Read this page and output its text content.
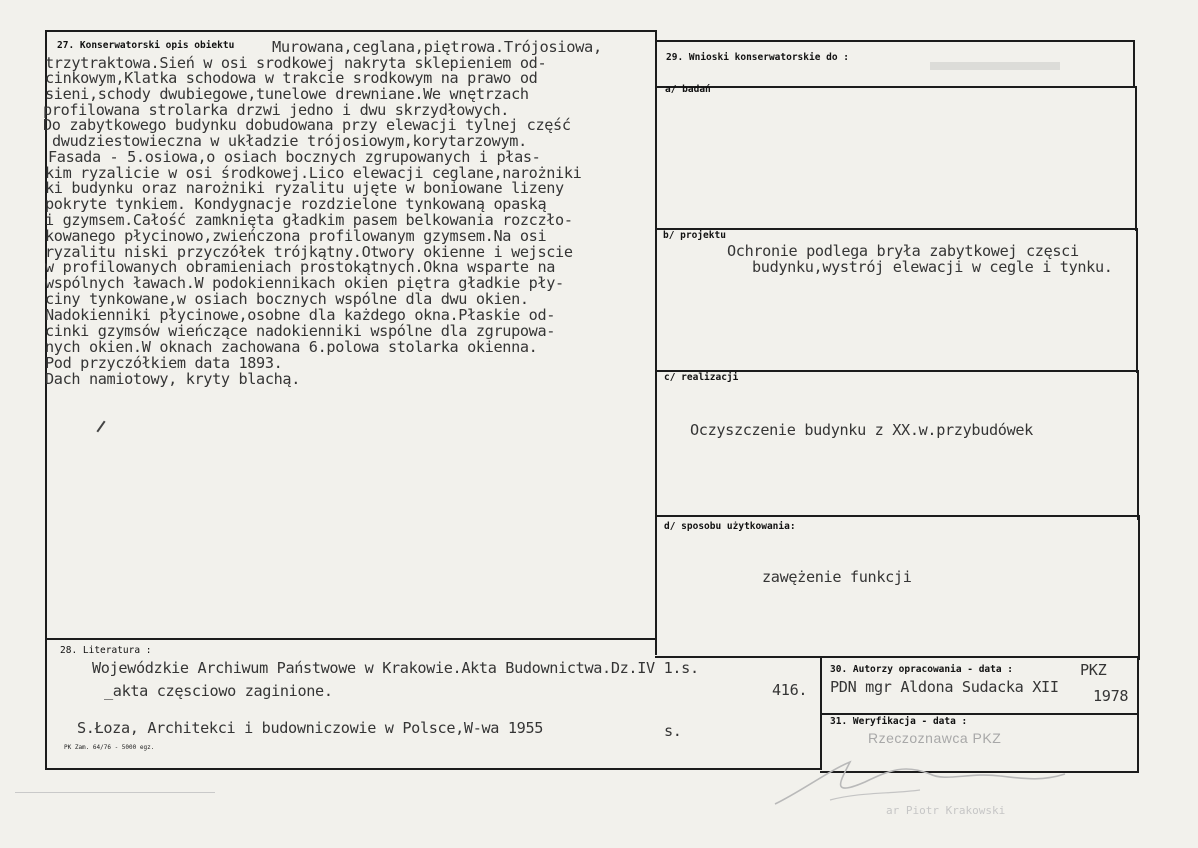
27. Konserwatorski opis obiektu
28. Literatura :
29. Wnioski konserwatorskie do :
a/ badań
b/ projektu
c/ realizacji
d/ sposobu użytkowania:
30. Autorzy opracowania - data :
31. Weryfikacja - data :
Murowana,ceglana,piętrowa.Trójosiowa,
trzytraktowa.Sień w osi srodkowej nakryta sklepieniem od-
cinkowym,Klatka schodowa w trakcie srodkowym na prawo od
sieni,schody dwubiegowe,tunelowe drewniane.We wnętrzach
profilowana strolarka drzwi jedno i dwu skrzydłowych.
Do zabytkowego budynku dobudowana przy elewacji tylnej część
dwudziestowieczna w układzie trójosiowym,korytarzowym.
Fasada - 5.osiowa,o osiach bocznych zgrupowanych i płas-
kim ryzalicie w osi środkowej.Lico elewacji ceglane,narożniki
ki budynku oraz narożniki ryzalitu ujęte w boniowane lizeny
pokryte tynkiem. Kondygnacje rozdzielone tynkowaną opaską
i gzymsem.Całość zamknięta gładkim pasem belkowania rozczło-
kowanego płycinowo,zwieńczona profilowanym gzymsem.Na osi
ryzalitu niski przyczółek trójkątny.Otwory okienne i wejscie
w profilowanych obramieniach prostokątnych.Okna wsparte na
wspólnych ławach.W podokiennikach okien piętra gładkie pły-
ciny tynkowane,w osiach bocznych wspólne dla dwu okien.
Nadokienniki płycinowe,osobne dla każdego okna.Płaskie od-
cinki gzymsów wieńczące nadokienniki wspólne dla zgrupowa-
nych okien.W oknach zachowana 6.polowa stolarka okienna.
Pod przyczółkiem data 1893.
Dach namiotowy, kryty blachą.
Ochronie podlega bryła zabytkowej częsci
budynku,wystrój elewacji w cegle i tynku.
Oczyszczenie budynku z XX.w.przybudówek
zawężenie funkcji
Wojewódzkie Archiwum Państwowe w Krakowie.Akta Budownictwa.Dz.IV 1.s.
416.
_akta częsciowo zaginione.
S.Łoza, Architekci i budowniczowie w Polsce,W-wa 1955	s.
PK Zam. 64/76 - 5000 egz.
PKZ
PDN mgr Aldona Sudacka XII 1978
Rzeczoznawca PKZ
ar Piotr Krakowski
